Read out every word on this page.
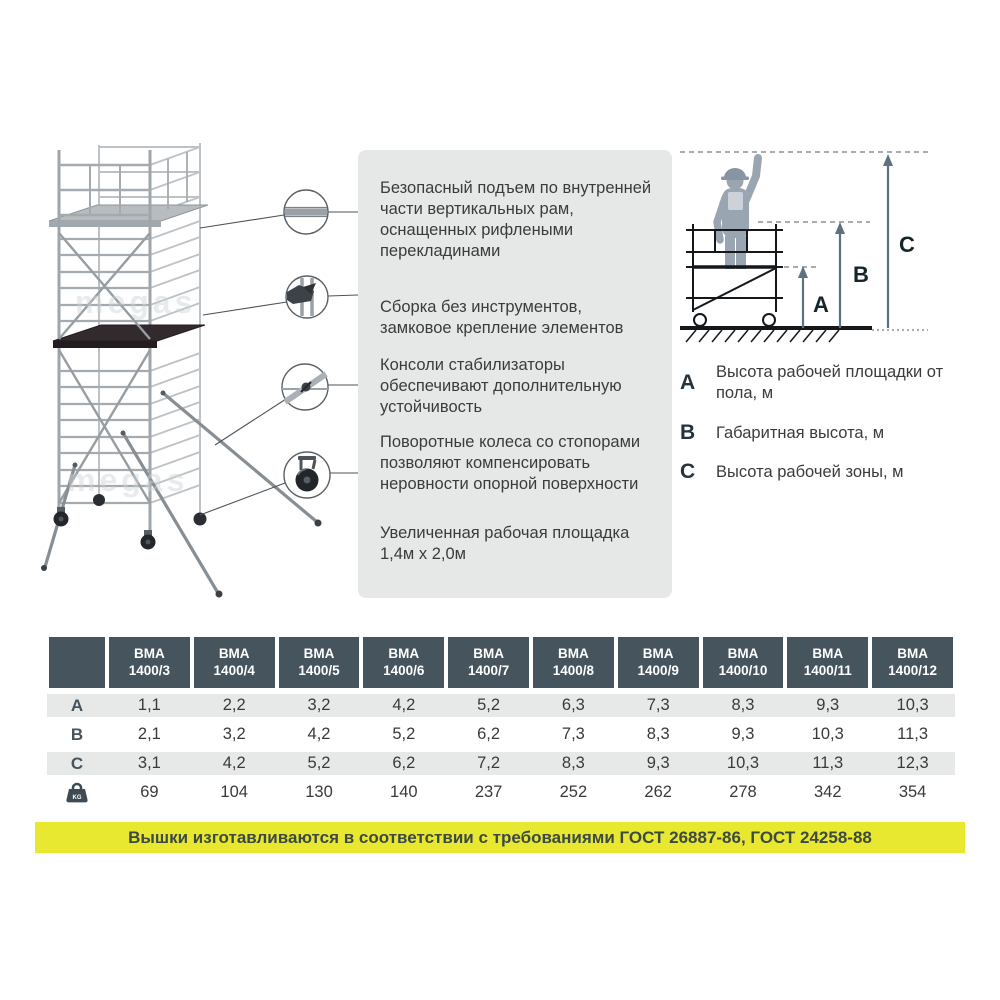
megas
megas
Безопасный подъем по внутренней части вертикальных рам, оснащенных рифлеными перекладинами
Сборка без инструментов, замковое крепление элементов
Консоли стабилизаторы обеспечивают дополнительную устойчивость
Поворотные колеса со стопорами позволяют компенсировать неровности опорной поверхности
Увеличенная рабочая площадка 1,4м x 2,0м
A
B
C
A	Высота рабочей площадки от пола, м
B	Габаритная высота, м
C	Высота рабочей зоны, м
	ВМА 1400/3	ВМА 1400/4	ВМА 1400/5	ВМА 1400/6	ВМА 1400/7	ВМА 1400/8	ВМА 1400/9	ВМА 1400/10	ВМА 1400/11	ВМА 1400/12
A	1,1	2,2	3,2	4,2	5,2	6,3	7,3	8,3	9,3	10,3
B	2,1	3,2	4,2	5,2	6,2	7,3	8,3	9,3	10,3	11,3
C	3,1	4,2	5,2	6,2	7,2	8,3	9,3	10,3	11,3	12,3

KG	69	104	130	140	237	252	262	278	342	354
Вышки изготавливаются в соответствии с требованиями ГОСТ 26887-86, ГОСТ 24258-88
